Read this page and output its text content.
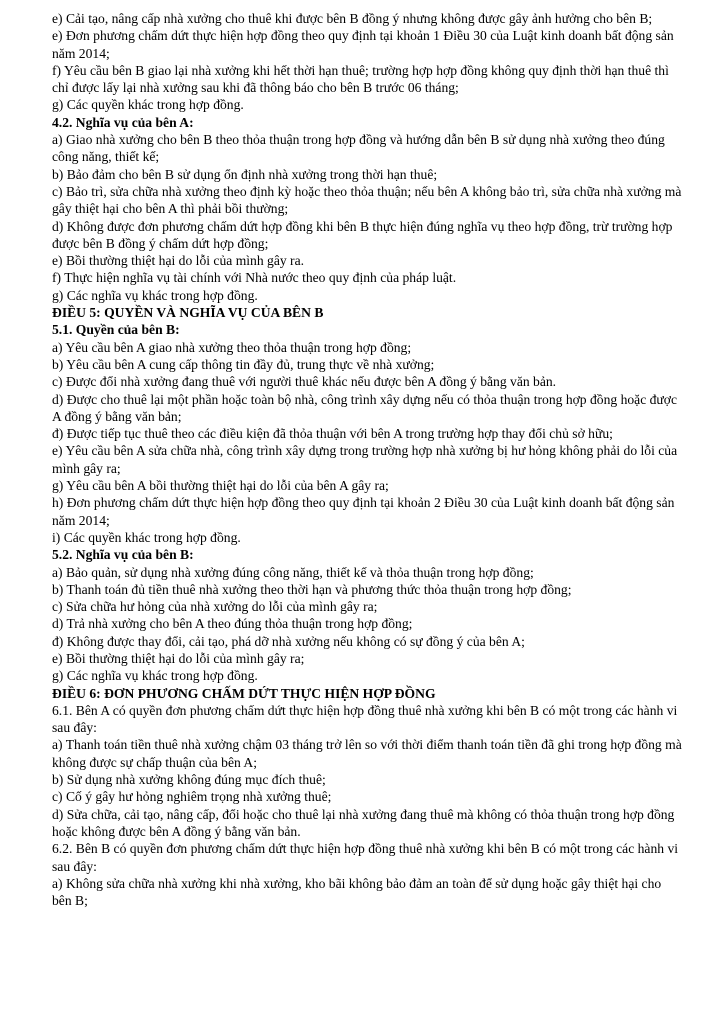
e) Cải tạo, nâng cấp nhà xưởng cho thuê khi được bên B đồng ý nhưng không được gây ảnh hưởng cho bên B;

e) Đơn phương chấm dứt thực hiện hợp đồng theo quy định tại khoản 1 Điều 30 của Luật kinh doanh bất động sản năm 2014;

f) Yêu cầu bên B giao lại nhà xưởng khi hết thời hạn thuê; trường hợp hợp đồng không quy định thời hạn thuê thì chỉ được lấy lại nhà xưởng sau khi đã thông báo cho bên B trước 06 tháng;

g) Các quyền khác trong hợp đồng.

4.2. Nghĩa vụ của bên A:

a) Giao nhà xưởng cho bên B theo thỏa thuận trong hợp đồng và hướng dẫn bên B sử dụng nhà xưởng theo đúng công năng, thiết kế;

b) Bảo đảm cho bên B sử dụng ổn định nhà xưởng trong thời hạn thuê;

c) Bảo trì, sửa chữa nhà xưởng theo định kỳ hoặc theo thỏa thuận; nếu bên A không bảo trì, sửa chữa nhà xưởng mà gây thiệt hại cho bên A thì phải bồi thường;

d) Không được đơn phương chấm dứt hợp đồng khi bên B thực hiện đúng nghĩa vụ theo hợp đồng, trừ trường hợp được bên B đồng ý chấm dứt hợp đồng;

e) Bồi thường thiệt hại do lỗi của mình gây ra.

f) Thực hiện nghĩa vụ tài chính với Nhà nước theo quy định của pháp luật.

g) Các nghĩa vụ khác trong hợp đồng.

ĐIỀU 5: QUYỀN VÀ NGHĨA VỤ CỦA BÊN B

5.1. Quyền của bên B:

a) Yêu cầu bên A giao nhà xưởng theo thỏa thuận trong hợp đồng;

b) Yêu cầu bên A cung cấp thông tin đầy đủ, trung thực về nhà xưởng;

c) Được đổi nhà xưởng đang thuê với người thuê khác nếu được bên A đồng ý bằng văn bản.

d) Được cho thuê lại một phần hoặc toàn bộ nhà, công trình xây dựng nếu có thỏa thuận trong hợp đồng hoặc được A đồng ý bằng văn bản;

đ) Được tiếp tục thuê theo các điều kiện đã thỏa thuận với bên A trong trường hợp thay đổi chủ sở hữu;

e) Yêu cầu bên A sửa chữa nhà, công trình xây dựng trong trường hợp nhà xưởng bị hư hỏng không phải do lỗi của mình gây ra;

g) Yêu cầu bên A bồi thường thiệt hại do lỗi của bên A gây ra;

h) Đơn phương chấm dứt thực hiện hợp đồng theo quy định tại khoản 2 Điều 30 của Luật kinh doanh bất động sản năm 2014;

i) Các quyền khác trong hợp đồng.

5.2. Nghĩa vụ của bên B:

a) Bảo quản, sử dụng nhà xưởng đúng công năng, thiết kế và thỏa thuận trong hợp đồng;

b) Thanh toán đủ tiền thuê nhà xưởng theo thời hạn và phương thức thỏa thuận trong hợp đồng;

c) Sửa chữa hư hỏng của nhà xưởng do lỗi của mình gây ra;

d) Trả nhà xưởng cho bên A theo đúng thỏa thuận trong hợp đồng;

đ) Không được thay đổi, cải tạo, phá dỡ nhà xưởng nếu không có sự đồng ý của bên A;

e) Bồi thường thiệt hại do lỗi của mình gây ra;

g) Các nghĩa vụ khác trong hợp đồng.

ĐIỀU 6: ĐƠN PHƯƠNG CHẤM DỨT THỰC HIỆN HỢP ĐỒNG

6.1. Bên A có quyền đơn phương chấm dứt thực hiện hợp đồng thuê nhà xưởng khi bên B có một trong các hành vi sau đây:

a) Thanh toán tiền thuê nhà xưởng chậm 03 tháng trở lên so với thời điểm thanh toán tiền đã ghi trong hợp đồng mà không được sự chấp thuận của bên A;

b) Sử dụng nhà xưởng không đúng mục đích thuê;

c) Cố ý gây hư hỏng nghiêm trọng nhà xưởng thuê;

d) Sửa chữa, cải tạo, nâng cấp, đổi hoặc cho thuê lại nhà xưởng đang thuê mà không có thỏa thuận trong hợp đồng hoặc không được bên A đồng ý bằng văn bản.

6.2. Bên B có quyền đơn phương chấm dứt thực hiện hợp đồng thuê nhà xưởng khi bên B có một trong các hành vi sau đây:

a) Không sửa chữa nhà xưởng khi nhà xưởng, kho bãi không bảo đảm an toàn để sử dụng hoặc gây thiệt hại cho bên B;
